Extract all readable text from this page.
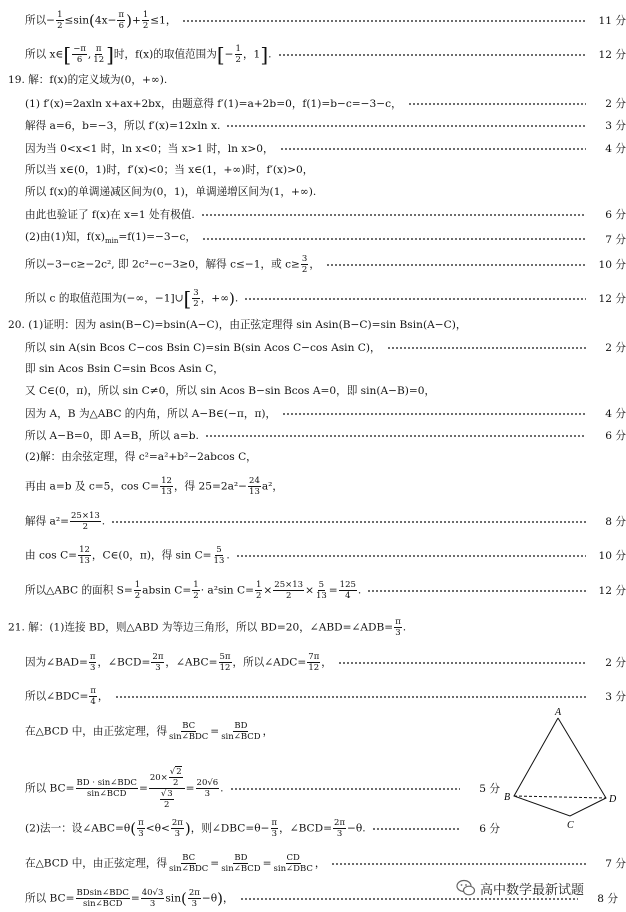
所以− $\frac{1}{2} \le\sin(4x- \frac{\pi}{6}$ )+ $\frac{1}{2} \le 1$，	11 分
所以 x∈[ $\frac{-\pi}{6}$ , $\frac{\pi}{12}$ ]时，f(x)的取值范围为[− $\frac{1}{2}$ ，1].	12 分
19. 解：f(x)的定义域为(0，+∞).
(1) f′(x)=2axln x+ax+2bx，由题意得 f′(1)=a+2b=0，f(1)=b−c=−3−c，	2 分
解得 a=6，b=−3，所以 f′(x)=12xln x.	3 分
因为当 0<x<1 时，ln x<0；当 x>1 时，ln x>0，	4 分
所以当 x∈(0，1)时，f′(x)<0；当 x∈(1，+∞)时，f′(x)>0，
所以 f(x)的单调递减区间为(0，1)，单调递增区间为(1，+∞).
由此也验证了 f(x)在 x=1 处有极值.	6 分
(2)由(1)知，$f(x)_{min}=f(1)=-3-c$，	7 分
所以−3−c≥−2c², 即 2c²−c−3≥0，解得 c≤−1，或 $c\ge \frac{3}{2}$ ，	10 分
所以 c 的取值范围为(−∞，−1]∪[ $\frac{3}{2}$ ，+∞).	12 分
20. (1)证明：因为 asin(B−C)=bsin(A−C)，由正弦定理得 sin Asin(B−C)=sin Bsin(A−C)，
所以 sin A(sin Bcos C−cos Bsin C)=sin B(sin Acos C−cos Asin C)，	2 分
即 sin Acos Bsin C=sin Bcos Asin C，
又 C∈(0，π)，所以 sin C≠0，所以 sin Acos B−sin Bcos A=0，即 sin(A−B)=0，
因为 A，B 为△ABC 的内角，所以 A−B∈(−π，π)，	4 分
所以 A−B=0，即 A=B，所以 a=b.	6 分
(2)解：由余弦定理，得 c²=a²+b²−2abcos C，
再由 a=b 及 c=5，$\cos C= \frac{12}{13}$ ，得 $25=2a^2- \frac{24}{13} a^2$，
解得 $a^2= \frac{25\times 13}{2}$ .	8 分
由 $\cos C= \frac{12}{13}$ ，C∈(0，π)，得 $\sin C= \frac{5}{13}$ .	10 分
所以△ABC 的面积 $S= \frac{1}{2}$ absin $C= \frac{1}{2} \cdot a^2\sin$ $C= \frac{1}{2} \times \frac{25\times 13}{2} \times \frac{5}{13} = \frac{125}{4}$ .	12 分
21. 解：(1)连接 BD，则△ABD 为等边三角形，所以 BD=20，∠ABD=∠ADB= $\frac{\pi}{3}$ .
因为∠BAD= $\frac{\pi}{3}$ ，∠BCD= $\frac{2\pi}{3}$ ，∠ABC= $\frac{5\pi}{12}$ ，所以∠ADC= $\frac{7\pi}{12}$ ，	2 分
所以∠BDC= $\frac{\pi}{4}$ ，	3 分
在△BCD 中，由正弦定理，得 $\frac{BC}{\text{sin∠BDC}} = \frac{BD}{\text{sin∠BCD}}$ ，
所以 $BC= \frac{\text{BD · sin∠BDC}}{\text{sin∠BCD}} = \frac{20\times \frac{√2}{2}}{\frac{√3}{2}} = \frac{20√6}{3}$ .	5 分
(2)法一：设∠ABC=θ( $\frac{\pi}{3} <\theta< \frac{2\pi}{3}$ )，则∠DBC=θ− $\frac{\pi}{3}$ ，∠BCD= $\frac{2\pi}{3} -\theta$.	6 分
在△BCD 中，由正弦定理，得 $\frac{BC}{\text{sin∠BDC}} = \frac{BD}{\text{sin∠BCD}} = \frac{CD}{\text{sin∠DBC}}$ ，	7 分
所以 $BC= \frac{\text{BDsin∠BDC}}{\text{sin∠BCD}} = \frac{40√3}{3} \sin( \frac{2\pi}{3} -\theta)$，	8 分
A
B
C
D
高中数学最新试题
